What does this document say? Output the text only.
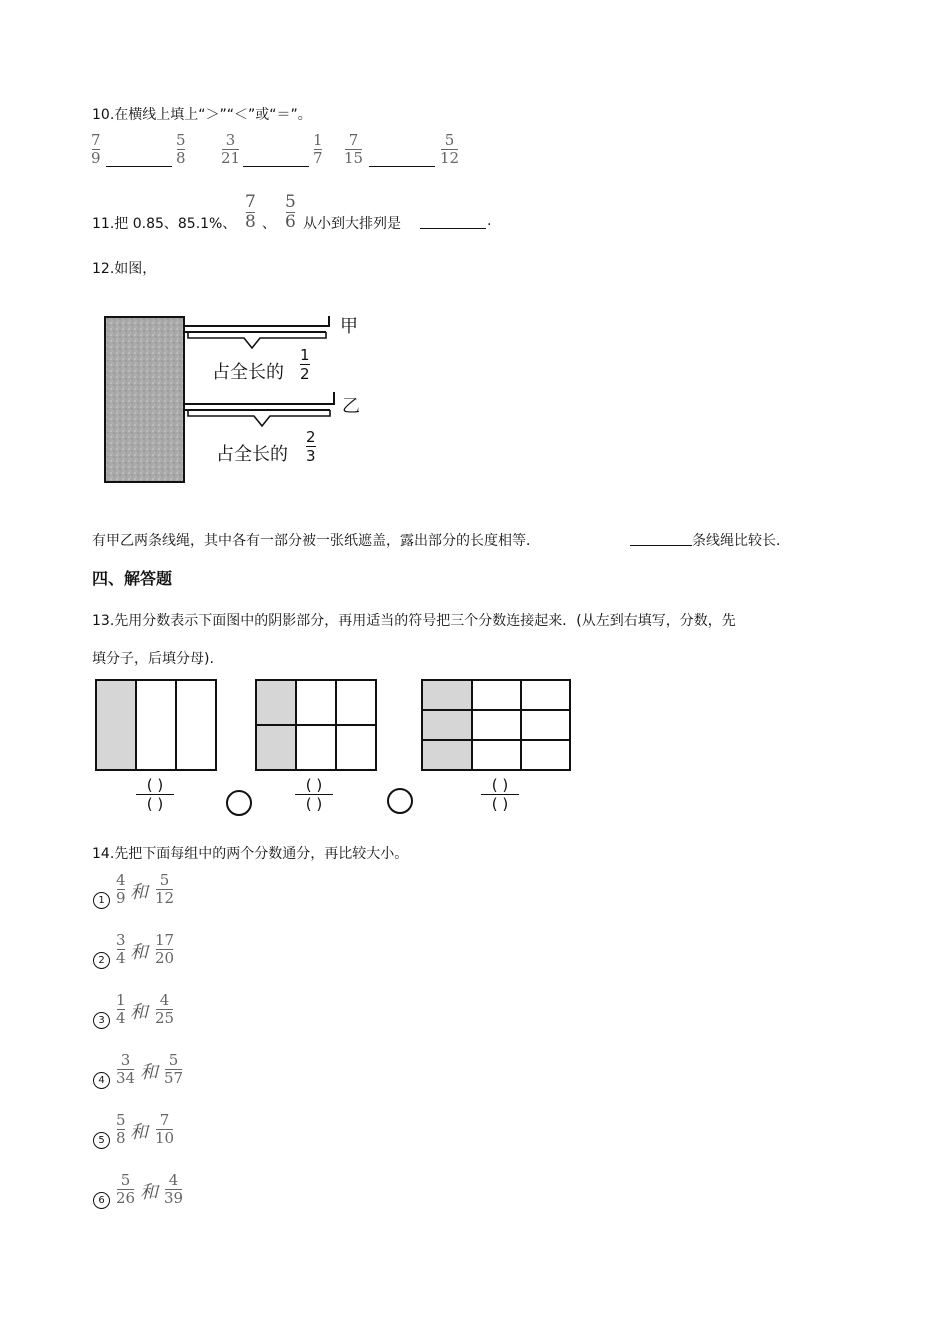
10.在横线上填上“＞”“＜”或“＝”。
7
9
5
8
3
21
1
7
7
15
5
12
11.把 0.85、85.1%、
7
8 、
5
6 从小到大排列是	.
12.如图，
甲
乙
占全长的
1
2
占全长的
2
3
有甲乙两条线绳，其中各有一部分被一张纸遮盖，露出部分的长度相等．	条线绳比较长．
四、解答题
13.先用分数表示下面图中的阴影部分，再用适当的符号把三个分数连接起来．(从左到右填写，分数，先
填分子，后填分母).
( )
( )
( )
( )
( )
( )
14.先把下面每组中的两个分数通分，再比较大小。
1
4
9 和
5
12
2
3
4 和
17
20
3
1
4 和
4
25
4
3
34 和
5
57
5
5
8 和
7
10
6
5
26 和
4
39
